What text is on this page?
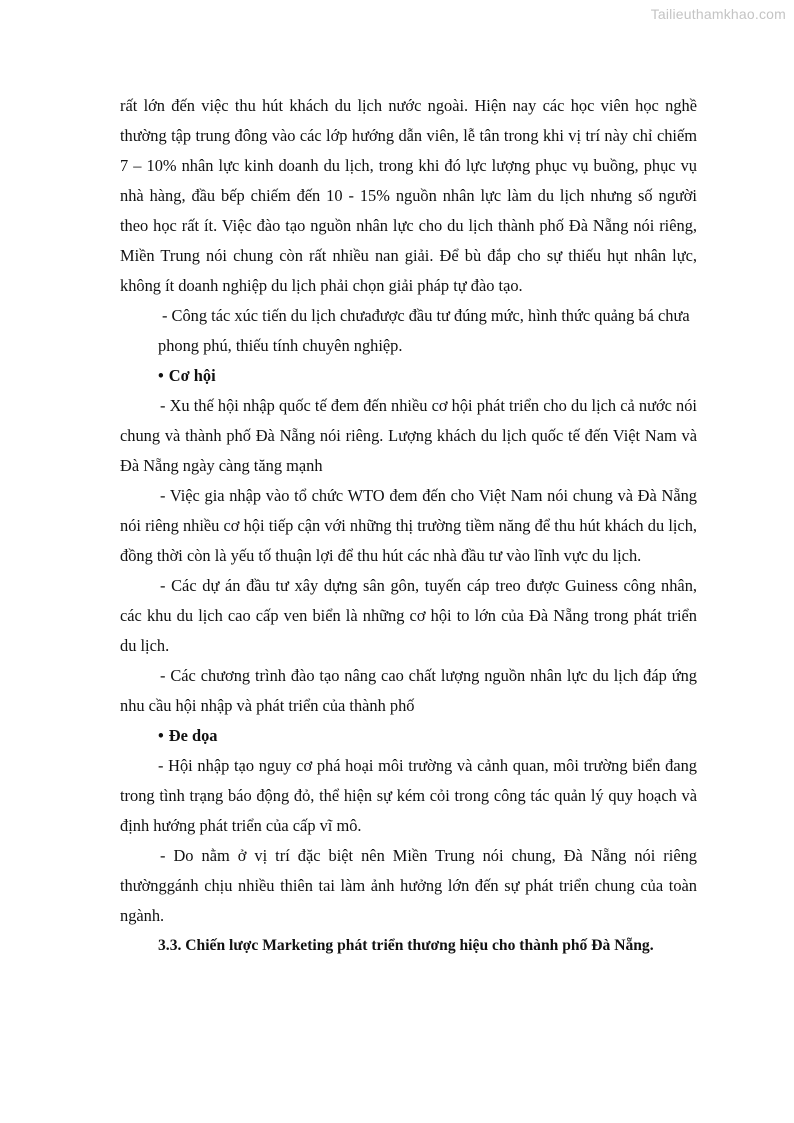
Tailieuthamkhao.com

rất lớn đến việc thu hút khách du lịch nước ngoài. Hiện nay các học viên học nghề thường tập trung đông vào các lớp hướng dẫn viên, lễ tân trong khi vị trí này chỉ chiếm 7 – 10% nhân lực kinh doanh du lịch, trong khi đó lực lượng phục vụ buồng, phục vụ nhà hàng, đầu bếp chiếm đến 10 - 15% nguồn nhân lực làm du lịch nhưng số người theo học rất ít. Việc đào tạo nguồn nhân lực cho du lịch thành phố Đà Nẵng nói riêng, Miền Trung nói chung còn rất nhiều nan giải. Để bù đắp cho sự thiếu hụt nhân lực, không ít doanh nghiệp du lịch phải chọn giải pháp tự đào tạo.

- Công tác xúc tiến du lịch chưađược đầu tư đúng mức, hình thức quảng bá chưa phong phú, thiếu tính chuyên nghiệp.

• Cơ hội

- Xu thế hội nhập quốc tế đem đến nhiều cơ hội phát triển cho du lịch cả nước nói chung và thành phố Đà Nẵng nói riêng. Lượng khách du lịch quốc tế đến Việt Nam và Đà Nẵng ngày càng tăng mạnh

- Việc gia nhập vào tổ chức WTO đem đến cho Việt Nam nói chung và Đà Nẵng nói riêng nhiều cơ hội tiếp cận với những thị trường tiềm năng để thu hút khách du lịch, đồng thời còn là yếu tố thuận lợi để thu hút các nhà đầu tư vào lĩnh vực du lịch.

- Các dự án đầu tư xây dựng sân gôn, tuyến cáp treo được Guiness công nhân, các khu du lịch cao cấp ven biển là những cơ hội to lớn của Đà Nẵng trong phát triển du lịch.

- Các chương trình đào tạo nâng cao chất lượng nguồn nhân lực du lịch đáp ứng nhu cầu hội nhập và phát triển của thành phố

• Đe dọa

- Hội nhập tạo nguy cơ phá hoại môi trường và cảnh quan, môi trường biển đang trong tình trạng báo động đỏ, thể hiện sự kém cỏi trong công tác quản lý quy hoạch và định hướng phát triển của cấp vĩ mô.

- Do nằm ở vị trí đặc biệt nên Miền Trung nói chung, Đà Nẵng nói riêng thườnggánh chịu nhiều thiên tai làm ảnh hưởng lớn đến sự phát triển chung của toàn ngành.

3.3. Chiến lược Marketing phát triển thương hiệu cho thành phố Đà Nẵng.
